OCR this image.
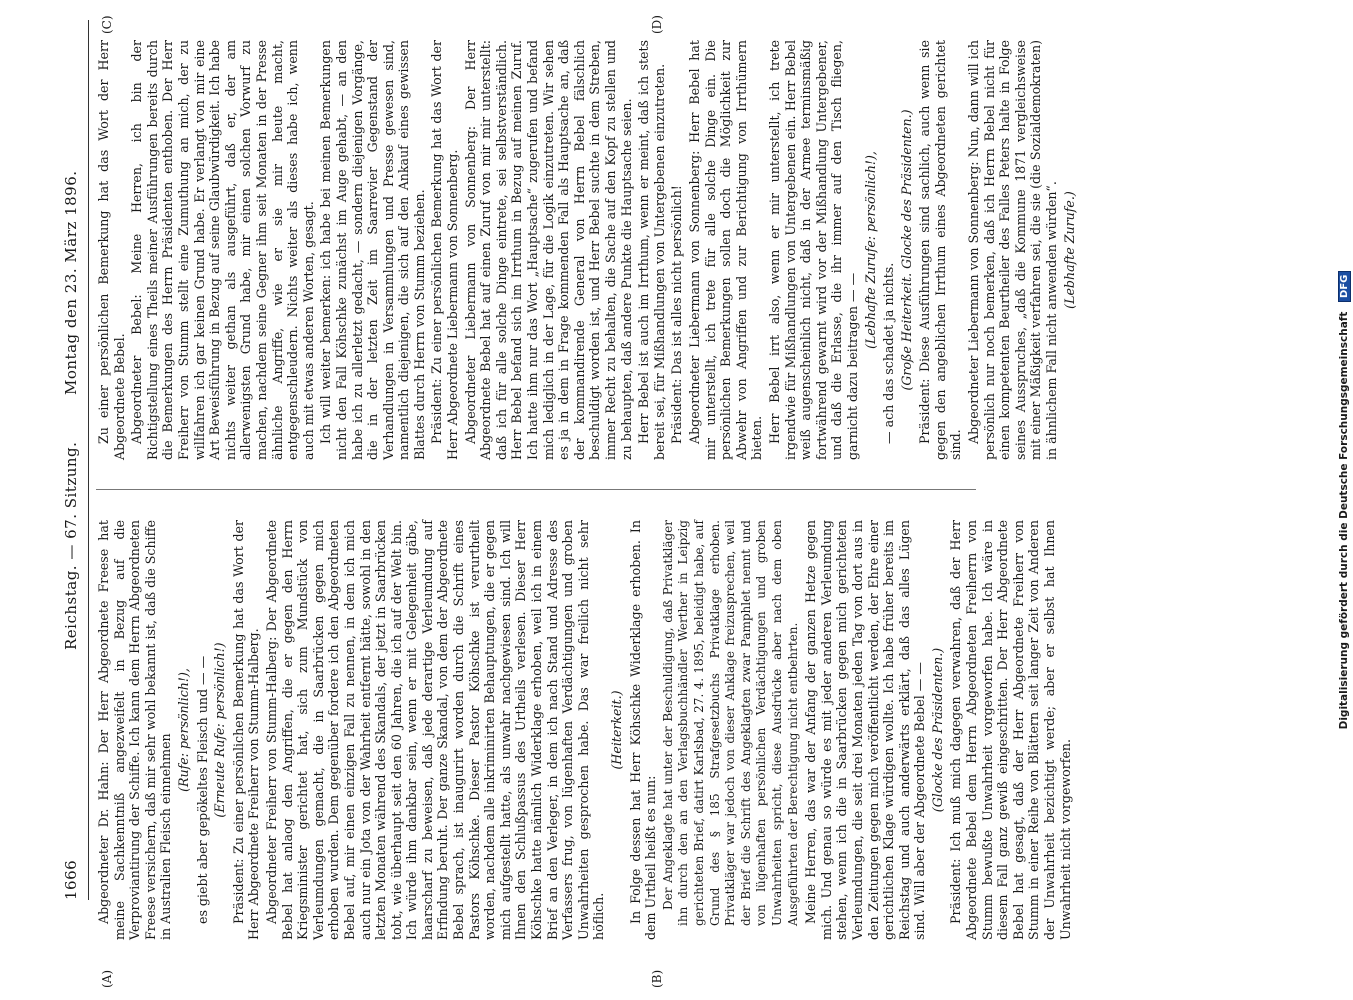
1666
Reichstag. — 67. Sitzung.
Montag den 23. März 1896.
(A)	(B)
(C)	(D)

Abgeordneter Dr. Hahn: Der Herr Abgeordnete Freese hat meine Sachkenntniß angezweifelt in Bezug auf die Verproviantirung der Schiffe. Ich kann dem Herrn Abgeordneten Freese versichern, daß mir sehr wohl bekannt ist, daß die Schiffe in Australien Fleisch einnehmen

(Rufe: persönlich!), es giebt aber gepökeltes Fleisch und — — (Erneute Rufe: persönlich!) Präsident: Zu einer persönlichen Bemerkung hat das Wort der Herr Abgeordnete Freiherr von Stumm-Halberg. Abgeordneter Freiherr von Stumm-Halberg: Der Abgeordnete Bebel hat anlaog den Angriffen, die er gegen den Herrn Kriegsminister gerichtet hat, sich zum Mundstück von Verleumdungen gemacht, die in Saarbrücken gegen mich erhoben wurden. Dem gegenüber fordere ich den Abgeordneten Bebel auf, mir einen einzigen Fall zu nennen, in dem ich mich auch nur ein Jota von der Wahrheit entfernt hätte, sowohl in den letzten Monaten während des Skandals, der jetzt in Saarbrücken tobt, wie überhaupt seit den 60 Jahren, die ich auf der Welt bin. Ich würde ihm dankbar sein, wenn er mit Gelegenheit gäbe, haarscharf zu beweisen, daß jede derartige Verleumdung auf Erfindung beruht. Der ganze Skandal, von dem der Abgeordnete Bebel sprach, ist inaugurirt worden durch die Schrift eines Pastors Köhschke. Dieser Pastor Köhschke ist verurtheilt worden, nachdem alle inkriminirten Behauptungen, die er gegen mich aufgestellt hatte, als unwahr nachgewiesen sind. Ich will Ihnen den Schlußpassus des Urtheils verlesen. Dieser Herr Köhschke hatte nämlich Widerklage erhoben, weil ich in einem Brief an den Verleger, in dem ich nach Stand und Adresse des Verfassers frug, von lügenhaften Verdächtigungen und groben Unwahrheiten gesprochen habe. Das war freilich nicht sehr höflich.

(Heiterkeit.) In Folge dessen hat Herr Köhschke Widerklage erhoben. In dem Urtheil heißt es nun: Der Angeklagte hat unter der Beschuldigung, daß Privatkläger ihn durch den an den Verlagsbuchhändler Werther in Leipzig gerichteten Brief, datirt Karlsbad, 27. 4. 1895, beleidigt habe, auf Grund des § 185 Strafgesetzbuchs Privatklage erhoben. Privatkläger war jedoch von dieser Anklage freizusprechen, weil der Brief die Schrift des Angeklagten zwar Pamphlet nennt und von lügenhaften persönlichen Verdächtigungen und groben Unwahrheiten spricht, diese Ausdrücke aber nach dem oben Ausgeführten der Berechtigung nicht entbehrten. Meine Herren, das war der Anfang der ganzen Hetze gegen mich. Und genau so würde es mit jeder anderen Verleumdung stehen, wenn ich die in Saarbrücken gegen mich gerichteten Verleumdungen, die seit drei Monaten jeden Tag von dort aus in den Zeitungen gegen mich veröffentlicht werden, der Ehre einer gerichtlichen Klage würdigen wollte. Ich habe früher bereits im Reichstag und auch anderwärts erklärt, daß das alles Lügen sind. Will aber der Abgeordnete Bebel — — (Glocke des Präsidenten.) Präsident: Ich muß mich dagegen verwahren, daß der Herr Abgeordnete Bebel dem Herrn Abgeordneten Freiherrn von Stumm bewußte Unwahrheit vorgeworfen habe. Ich wäre in diesem Fall ganz gewiß eingeschritten. Der Herr Abgeordnete Bebel hat gesagt, daß der Herr Abgeordnete Freiherr von Stumm in einer Reihe von Blättern seit langer Zeit von Anderen der Unwahrheit bezichtigt werde; aber er selbst hat Ihnen Unwahrheit nicht vorgeworfen.

Zu einer persönlichen Bemerkung hat das Wort der Herr Abgeordnete Bebel. Abgeordneter Bebel: Meine Herren, ich bin der Richtigstellung eines Theils meiner Ausführungen bereits durch die Bemerkungen des Herrn Präsidenten enthoben. Der Herr Freiherr von Stumm stellt eine Zumuthung an mich, der zu willfahren ich gar keinen Grund habe. Er verlangt von mir eine Art Beweisführung in Bezug auf seine Glaubwürdigkeit. Ich habe nichts weiter gethan als ausgeführt, daß er, der am allerwenigsten Grund habe, mir einen solchen Vorwurf zu machen, nachdem seine Gegner ihm seit Monaten in der Presse ähnliche Angriffe, wie er sie mir heute macht, entgegenschleudern. Nichts weiter als dieses habe ich, wenn auch mit etwas anderen Worten, gesagt. Ich will weiter bemerken: ich habe bei meinen Bemerkungen nicht den Fall Köhschke zunächst im Auge gehabt, — an den habe ich zu allerletzt gedacht, — sondern diejenigen Vorgänge, die in der letzten Zeit im Saarrevier Gegenstand der Verhandlungen in Versammlungen und Presse gewesen sind, namentlich diejenigen, die sich auf den Ankauf eines gewissen Blattes durch Herrn von Stumm beziehen. Präsident: Zu einer persönlichen Bemerkung hat das Wort der Herr Abgeordnete Liebermann von Sonnenberg. Abgeordneter Liebermann von Sonnenberg: Der Herr Abgeordnete Bebel hat auf einen Zuruf von mir mir unterstellt: daß ich für alle solche Dinge eintrete, sei selbstverständlich. Herr Bebel befand sich im Irrthum in Bezug auf meinen Zuruf. Ich hatte ihm nur das Wort „Hauptsache“ zugerufen und befand mich lediglich in der Lage, für die Logik einzutreten. Wir sehen es ja in dem in Frage kommenden Fall als Hauptsache an, daß der kommandirende General von Herrn Bebel fälschlich beschuldigt worden ist, und Herr Bebel suchte in dem Streben, immer Recht zu behalten, die Sache auf den Kopf zu stellen und zu behaupten, daß andere Punkte die Hauptsache seien. Herr Bebel ist auch im Irrthum, wenn er meint, daß ich stets bereit sei, für Mißhandlungen von Untergebenen einzutreten. Präsident: Das ist alles nicht persönlich! Abgeordneter Liebermann von Sonnenberg: Herr Bebel hat mir unterstellt, ich trete für alle solche Dinge ein. Die persönlichen Bemerkungen sollen doch die Möglichkeit zur Abwehr von Angriffen und zur Berichtigung von Irrthümern bieten. Herr Bebel irrt also, wenn er mir unterstellt, ich trete irgendwie für Mißhandlungen von Untergebenen ein. Herr Bebel weiß augenscheinlich nicht, daß in der Armee terminsmäßig fortwährend gewarnt wird vor der Mißhandlung Untergebener, und daß die Erlasse, die ihr immer auf den Tisch fliegen, garnicht dazu beitragen — —

(Lebhafte Zurufe: persönlich!),

— ach das schadet ja nichts. (Große Heiterkeit. Glocke des Präsidenten.) Präsident: Diese Ausführungen sind sachlich, auch wenn sie gegen den angeblichen Irrthum eines Abgeordneten gerichtet sind.

Abgeordneter Liebermann von Sonnenberg: Nun, dann will ich persönlich nur noch bemerken, daß ich Herrn Bebel nicht für einen kompetenten Beurtheiler des Falles Peters halte in Folge seines Ausspruches, „daß die Kommune 1871 vergleichsweise mit einer Mäßigkeit verfahren sei, die sie (die Sozialdemokraten) in ähnlichem Fall nicht anwenden würden“. (Lebhafte Zurufe.)

Digitalisierung gefördert durch die Deutsche Forschungsgemeinschaft DFG
